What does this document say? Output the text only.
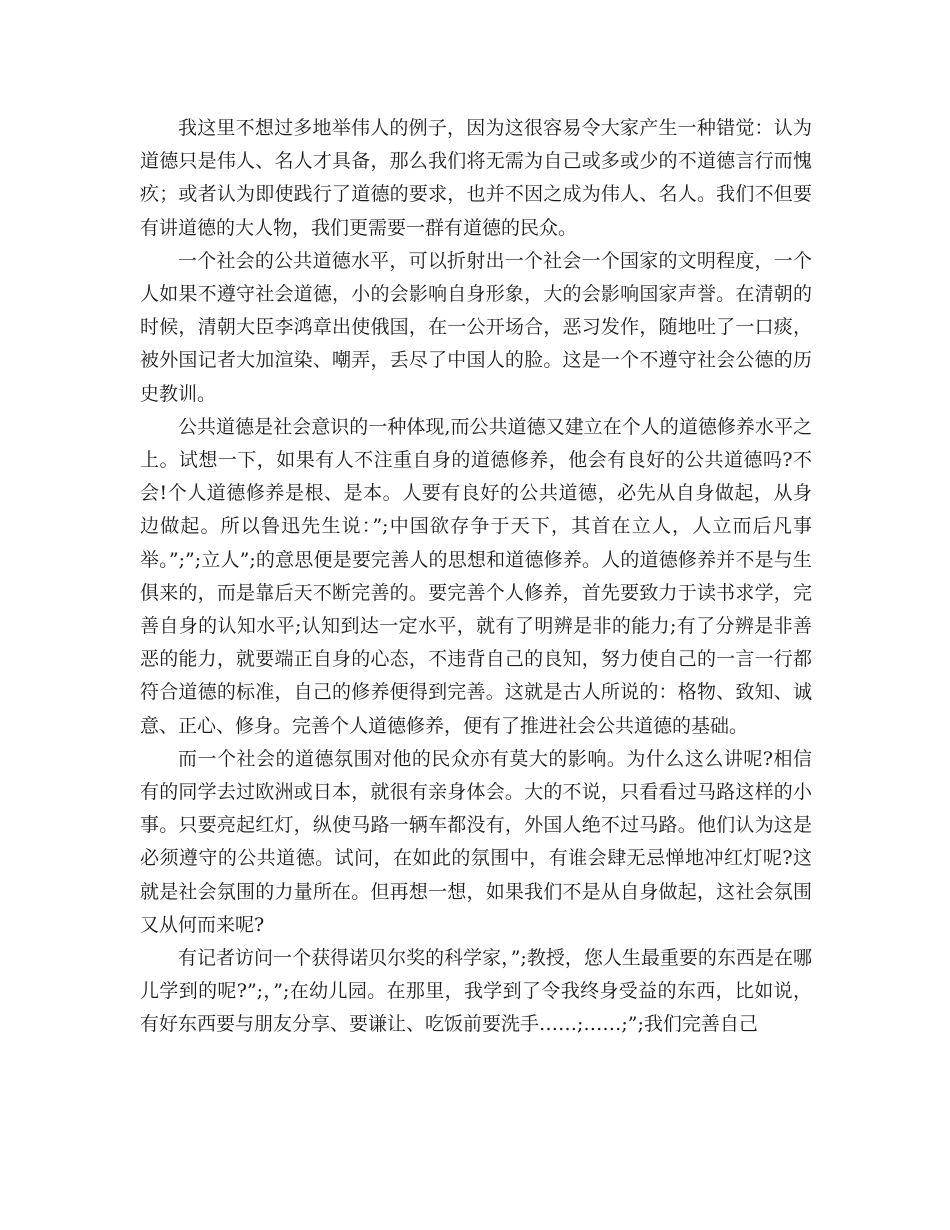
我这里不想过多地举伟人的例子，因为这很容易令大家产生一种错觉：认为道德只是伟人、名人才具备，那么我们将无需为自己或多或少的不道德言行而愧疚；或者认为即使践行了道德的要求，也并不因之成为伟人、名人。我们不但要有讲道德的大人物，我们更需要一群有道德的民众。

一个社会的公共道德水平，可以折射出一个社会一个国家的文明程度，一个人如果不遵守社会道德，小的会影响自身形象，大的会影响国家声誉。在清朝的时候，清朝大臣李鸿章出使俄国，在一公开场合，恶习发作，随地吐了一口痰，被外国记者大加渲染、嘲弄，丢尽了中国人的脸。这是一个不遵守社会公德的历史教训。

公共道德是社会意识的一种体现,而公共道德又建立在个人的道德修养水平之上。试想一下，如果有人不注重自身的道德修养，他会有良好的公共道德吗?不会!个人道德修养是根、是本。人要有良好的公共道德，必先从自身做起，从身边做起。所以鲁迅先生说：”;中国欲存争于天下，其首在立人，人立而后凡事举。”;”;立人”;的意思便是要完善人的思想和道德修养。人的道德修养并不是与生俱来的，而是靠后天不断完善的。要完善个人修养，首先要致力于读书求学，完善自身的认知水平;认知到达一定水平，就有了明辨是非的能力;有了分辨是非善恶的能力，就要端正自身的心态，不违背自己的良知，努力使自己的一言一行都符合道德的标准，自己的修养便得到完善。这就是古人所说的：格物、致知、诚意、正心、修身。完善个人道德修养，便有了推进社会公共道德的基础。

而一个社会的道德氛围对他的民众亦有莫大的影响。为什么这么讲呢?相信有的同学去过欧洲或日本，就很有亲身体会。大的不说，只看看过马路这样的小事。只要亮起红灯，纵使马路一辆车都没有，外国人绝不过马路。他们认为这是必须遵守的公共道德。试问，在如此的氛围中，有谁会肆无忌惮地冲红灯呢?这就是社会氛围的力量所在。但再想一想，如果我们不是从自身做起，这社会氛围又从何而来呢?

有记者访问一个获得诺贝尔奖的科学家，”;教授，您人生最重要的东西是在哪儿学到的呢?”;，”;在幼儿园。在那里，我学到了令我终身受益的东西，比如说，有好东西要与朋友分享、要谦让、吃饭前要洗手……;……;”;我们完善自己
